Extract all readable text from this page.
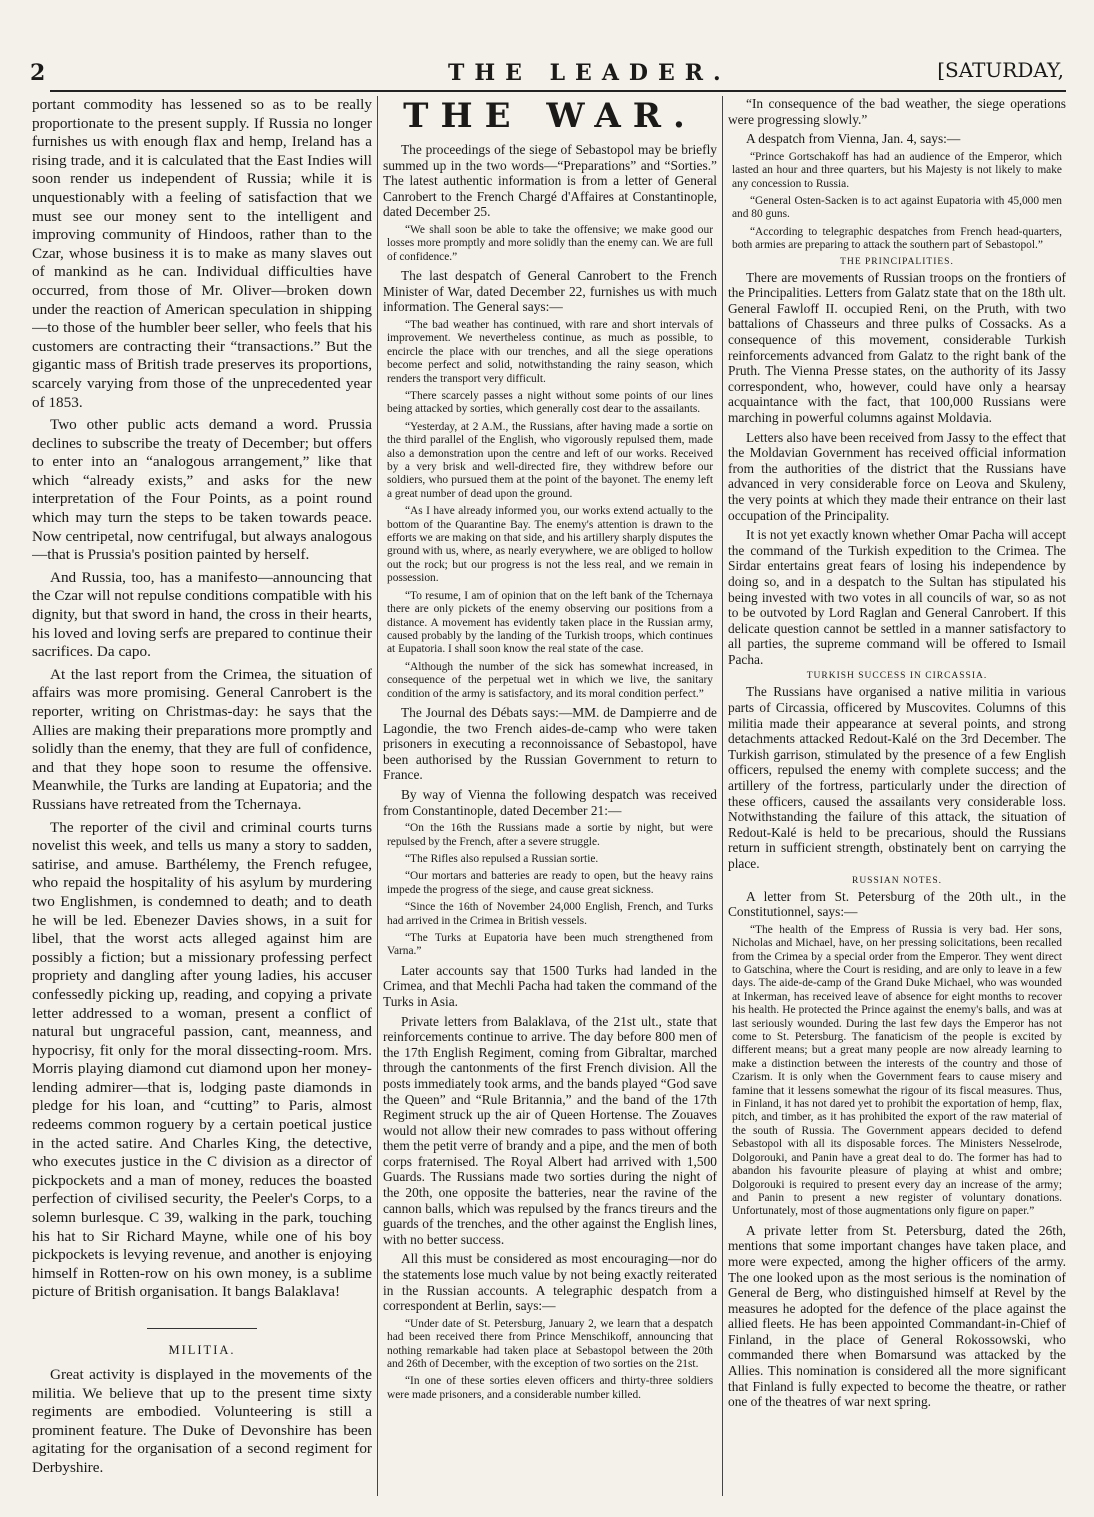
2	THE LEADER.	[SATURDAY,

portant commodity has lessened so as to be really proportionate to the present supply. If Russia no longer furnishes us with enough flax and hemp, Ireland has a rising trade, and it is calculated that the East Indies will soon render us independent of Russia; while it is unquestionably with a feeling of satisfaction that we must see our money sent to the intelligent and improving community of Hindoos, rather than to the Czar, whose business it is to make as many slaves out of mankind as he can. Individual difficulties have occurred, from those of Mr. Oliver—broken down under the reaction of American speculation in shipping—to those of the humbler beer seller, who feels that his customers are contracting their “transactions.” But the gigantic mass of British trade preserves its proportions, scarcely varying from those of the unprecedented year of 1853.

Two other public acts demand a word. Prussia declines to subscribe the treaty of December; but offers to enter into an “analogous arrangement,” like that which “already exists,” and asks for the new interpretation of the Four Points, as a point round which may turn the steps to be taken towards peace. Now centripetal, now centrifugal, but always analogous—that is Prussia's position painted by herself.

And Russia, too, has a manifesto—announcing that the Czar will not repulse conditions compatible with his dignity, but that sword in hand, the cross in their hearts, his loved and loving serfs are prepared to continue their sacrifices. Da capo.

At the last report from the Crimea, the situation of affairs was more promising. General Canrobert is the reporter, writing on Christmas-day: he says that the Allies are making their preparations more promptly and solidly than the enemy, that they are full of confidence, and that they hope soon to resume the offensive. Meanwhile, the Turks are landing at Eupatoria; and the Russians have retreated from the Tchernaya.

The reporter of the civil and criminal courts turns novelist this week, and tells us many a story to sadden, satirise, and amuse. Barthélemy, the French refugee, who repaid the hospitality of his asylum by murdering two Englishmen, is condemned to death; and to death he will be led. Ebenezer Davies shows, in a suit for libel, that the worst acts alleged against him are possibly a fiction; but a missionary professing perfect propriety and dangling after young ladies, his accuser confessedly picking up, reading, and copying a private letter addressed to a woman, present a conflict of natural but ungraceful passion, cant, meanness, and hypocrisy, fit only for the moral dissecting-room. Mrs. Morris playing diamond cut diamond upon her money-lending admirer—that is, lodging paste diamonds in pledge for his loan, and “cutting” to Paris, almost redeems common roguery by a certain poetical justice in the acted satire. And Charles King, the detective, who executes justice in the C division as a director of pickpockets and a man of money, reduces the boasted perfection of civilised security, the Peeler's Corps, to a solemn burlesque. C 39, walking in the park, touching his hat to Sir Richard Mayne, while one of his boy pickpockets is levying revenue, and another is enjoying himself in Rotten-row on his own money, is a sublime picture of British organisation. It bangs Balaklava!

MILITIA.

Great activity is displayed in the movements of the militia. We believe that up to the present time sixty regiments are embodied. Volunteering is still a prominent feature. The Duke of Devonshire has been agitating for the organisation of a second regiment for Derbyshire.

THE WAR.

The proceedings of the siege of Sebastopol may be briefly summed up in the two words—“Preparations” and “Sorties.” The latest authentic information is from a letter of General Canrobert to the French Chargé d'Affaires at Constantinople, dated December 25.

“We shall soon be able to take the offensive; we make good our losses more promptly and more solidly than the enemy can. We are full of confidence.”

The last despatch of General Canrobert to the French Minister of War, dated December 22, furnishes us with much information. The General says:—

“The bad weather has continued, with rare and short intervals of improvement. We nevertheless continue, as much as possible, to encircle the place with our trenches, and all the siege operations become perfect and solid, notwithstanding the rainy season, which renders the transport very difficult.

“There scarcely passes a night without some points of our lines being attacked by sorties, which generally cost dear to the assailants.

“Yesterday, at 2 A.M., the Russians, after having made a sortie on the third parallel of the English, who vigorously repulsed them, made also a demonstration upon the centre and left of our works. Received by a very brisk and well-directed fire, they withdrew before our soldiers, who pursued them at the point of the bayonet. The enemy left a great number of dead upon the ground.

“As I have already informed you, our works extend actually to the bottom of the Quarantine Bay. The enemy's attention is drawn to the efforts we are making on that side, and his artillery sharply disputes the ground with us, where, as nearly everywhere, we are obliged to hollow out the rock; but our progress is not the less real, and we remain in possession.

“To resume, I am of opinion that on the left bank of the Tchernaya there are only pickets of the enemy observing our positions from a distance. A movement has evidently taken place in the Russian army, caused probably by the landing of the Turkish troops, which continues at Eupatoria. I shall soon know the real state of the case.

“Although the number of the sick has somewhat increased, in consequence of the perpetual wet in which we live, the sanitary condition of the army is satisfactory, and its moral condition perfect.”

The Journal des Débats says:—MM. de Dampierre and de Lagondie, the two French aides-de-camp who were taken prisoners in executing a reconnoissance of Sebastopol, have been authorised by the Russian Government to return to France.

By way of Vienna the following despatch was received from Constantinople, dated December 21:—

“On the 16th the Russians made a sortie by night, but were repulsed by the French, after a severe struggle.

“The Rifles also repulsed a Russian sortie.

“Our mortars and batteries are ready to open, but the heavy rains impede the progress of the siege, and cause great sickness.

“Since the 16th of November 24,000 English, French, and Turks had arrived in the Crimea in British vessels.

“The Turks at Eupatoria have been much strengthened from Varna.”

Later accounts say that 1500 Turks had landed in the Crimea, and that Mechli Pacha had taken the command of the Turks in Asia.

Private letters from Balaklava, of the 21st ult., state that reinforcements continue to arrive. The day before 800 men of the 17th English Regiment, coming from Gibraltar, marched through the cantonments of the first French division. All the posts immediately took arms, and the bands played “God save the Queen” and “Rule Britannia,” and the band of the 17th Regiment struck up the air of Queen Hortense. The Zouaves would not allow their new comrades to pass without offering them the petit verre of brandy and a pipe, and the men of both corps fraternised. The Royal Albert had arrived with 1,500 Guards. The Russians made two sorties during the night of the 20th, one opposite the batteries, near the ravine of the cannon balls, which was repulsed by the francs tireurs and the guards of the trenches, and the other against the English lines, with no better success.

All this must be considered as most encouraging—nor do the statements lose much value by not being exactly reiterated in the Russian accounts. A telegraphic despatch from a correspondent at Berlin, says:—

“Under date of St. Petersburg, January 2, we learn that a despatch had been received there from Prince Menschikoff, announcing that nothing remarkable had taken place at Sebastopol between the 20th and 26th of December, with the exception of two sorties on the 21st.

“In one of these sorties eleven officers and thirty-three soldiers were made prisoners, and a considerable number killed.

“In consequence of the bad weather, the siege operations were progressing slowly.”

A despatch from Vienna, Jan. 4, says:—

“Prince Gortschakoff has had an audience of the Emperor, which lasted an hour and three quarters, but his Majesty is not likely to make any concession to Russia.

“General Osten-Sacken is to act against Eupatoria with 45,000 men and 80 guns.

“According to telegraphic despatches from French head-quarters, both armies are preparing to attack the southern part of Sebastopol.”

THE PRINCIPALITIES.

There are movements of Russian troops on the frontiers of the Principalities. Letters from Galatz state that on the 18th ult. General Fawloff II. occupied Reni, on the Pruth, with two battalions of Chasseurs and three pulks of Cossacks. As a consequence of this movement, considerable Turkish reinforcements advanced from Galatz to the right bank of the Pruth. The Vienna Presse states, on the authority of its Jassy correspondent, who, however, could have only a hearsay acquaintance with the fact, that 100,000 Russians were marching in powerful columns against Moldavia.

Letters also have been received from Jassy to the effect that the Moldavian Government has received official information from the authorities of the district that the Russians have advanced in very considerable force on Leova and Skuleny, the very points at which they made their entrance on their last occupation of the Principality.

It is not yet exactly known whether Omar Pacha will accept the command of the Turkish expedition to the Crimea. The Sirdar entertains great fears of losing his independence by doing so, and in a despatch to the Sultan has stipulated his being invested with two votes in all councils of war, so as not to be outvoted by Lord Raglan and General Canrobert. If this delicate question cannot be settled in a manner satisfactory to all parties, the supreme command will be offered to Ismail Pacha.

TURKISH SUCCESS IN CIRCASSIA.

The Russians have organised a native militia in various parts of Circassia, officered by Muscovites. Columns of this militia made their appearance at several points, and strong detachments attacked Redout-Kalé on the 3rd December. The Turkish garrison, stimulated by the presence of a few English officers, repulsed the enemy with complete success; and the artillery of the fortress, particularly under the direction of these officers, caused the assailants very considerable loss. Notwithstanding the failure of this attack, the situation of Redout-Kalé is held to be precarious, should the Russians return in sufficient strength, obstinately bent on carrying the place.

RUSSIAN NOTES.

A letter from St. Petersburg of the 20th ult., in the Constitutionnel, says:—

“The health of the Empress of Russia is very bad. Her sons, Nicholas and Michael, have, on her pressing solicitations, been recalled from the Crimea by a special order from the Emperor. They went direct to Gatschina, where the Court is residing, and are only to leave in a few days. The aide-de-camp of the Grand Duke Michael, who was wounded at Inkerman, has received leave of absence for eight months to recover his health. He protected the Prince against the enemy's balls, and was at last seriously wounded. During the last few days the Emperor has not come to St. Petersburg. The fanaticism of the people is excited by different means; but a great many people are now already learning to make a distinction between the interests of the country and those of Czarism. It is only when the Government fears to cause misery and famine that it lessens somewhat the rigour of its fiscal measures. Thus, in Finland, it has not dared yet to prohibit the exportation of hemp, flax, pitch, and timber, as it has prohibited the export of the raw material of the south of Russia. The Government appears decided to defend Sebastopol with all its disposable forces. The Ministers Nesselrode, Dolgorouki, and Panin have a great deal to do. The former has had to abandon his favourite pleasure of playing at whist and ombre; Dolgorouki is required to present every day an increase of the army; and Panin to present a new register of voluntary donations. Unfortunately, most of those augmentations only figure on paper.”

A private letter from St. Petersburg, dated the 26th, mentions that some important changes have taken place, and more were expected, among the higher officers of the army. The one looked upon as the most serious is the nomination of General de Berg, who distinguished himself at Revel by the measures he adopted for the defence of the place against the allied fleets. He has been appointed Commandant-in-Chief of Finland, in the place of General Rokossowski, who commanded there when Bomarsund was attacked by the Allies. This nomination is considered all the more significant that Finland is fully expected to become the theatre, or rather one of the theatres of war next spring.
